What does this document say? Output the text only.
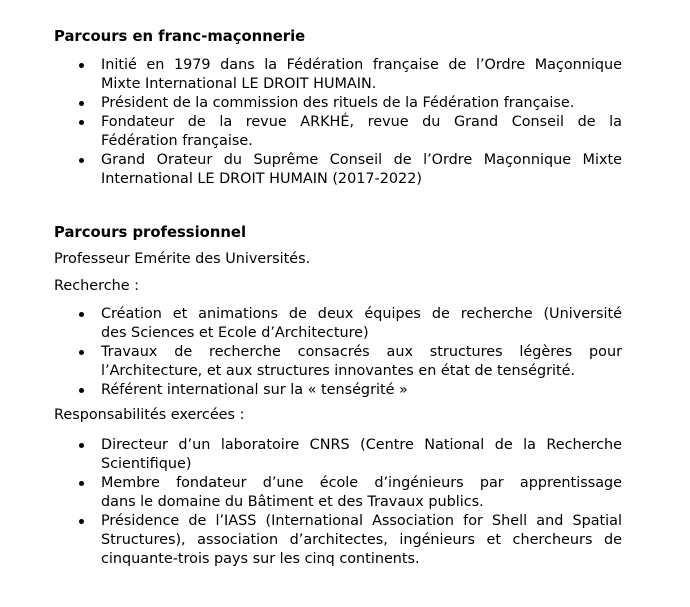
Parcours en franc-maçonnerie
Initié en 1979 dans la Fédération française de l’Ordre Maçonnique
Mixte International LE DROIT HUMAIN.
Président de la commission des rituels de la Fédération française.
Fondateur de la revue ARKHÉ, revue du Grand Conseil de la
Fédération française.
Grand Orateur du Suprême Conseil de l’Ordre Maçonnique Mixte
International LE DROIT HUMAIN (2017-2022)
Parcours professionnel
Professeur Emérite des Universités.
Recherche :
Création et animations de deux équipes de recherche (Université
des Sciences et Ecole d’Architecture)
Travaux de recherche consacrés aux structures légères pour
l’Architecture, et aux structures innovantes en état de tenségrité.
Référent international sur la « tenségrité »
Responsabilités exercées :
Directeur d’un laboratoire CNRS (Centre National de la Recherche
Scientifique)
Membre fondateur d’une école d’ingénieurs par apprentissage
dans le domaine du Bâtiment et des Travaux publics.
Présidence de l’IASS (International Association for Shell and Spatial
Structures), association d’architectes, ingénieurs et chercheurs de
cinquante-trois pays sur les cinq continents.
